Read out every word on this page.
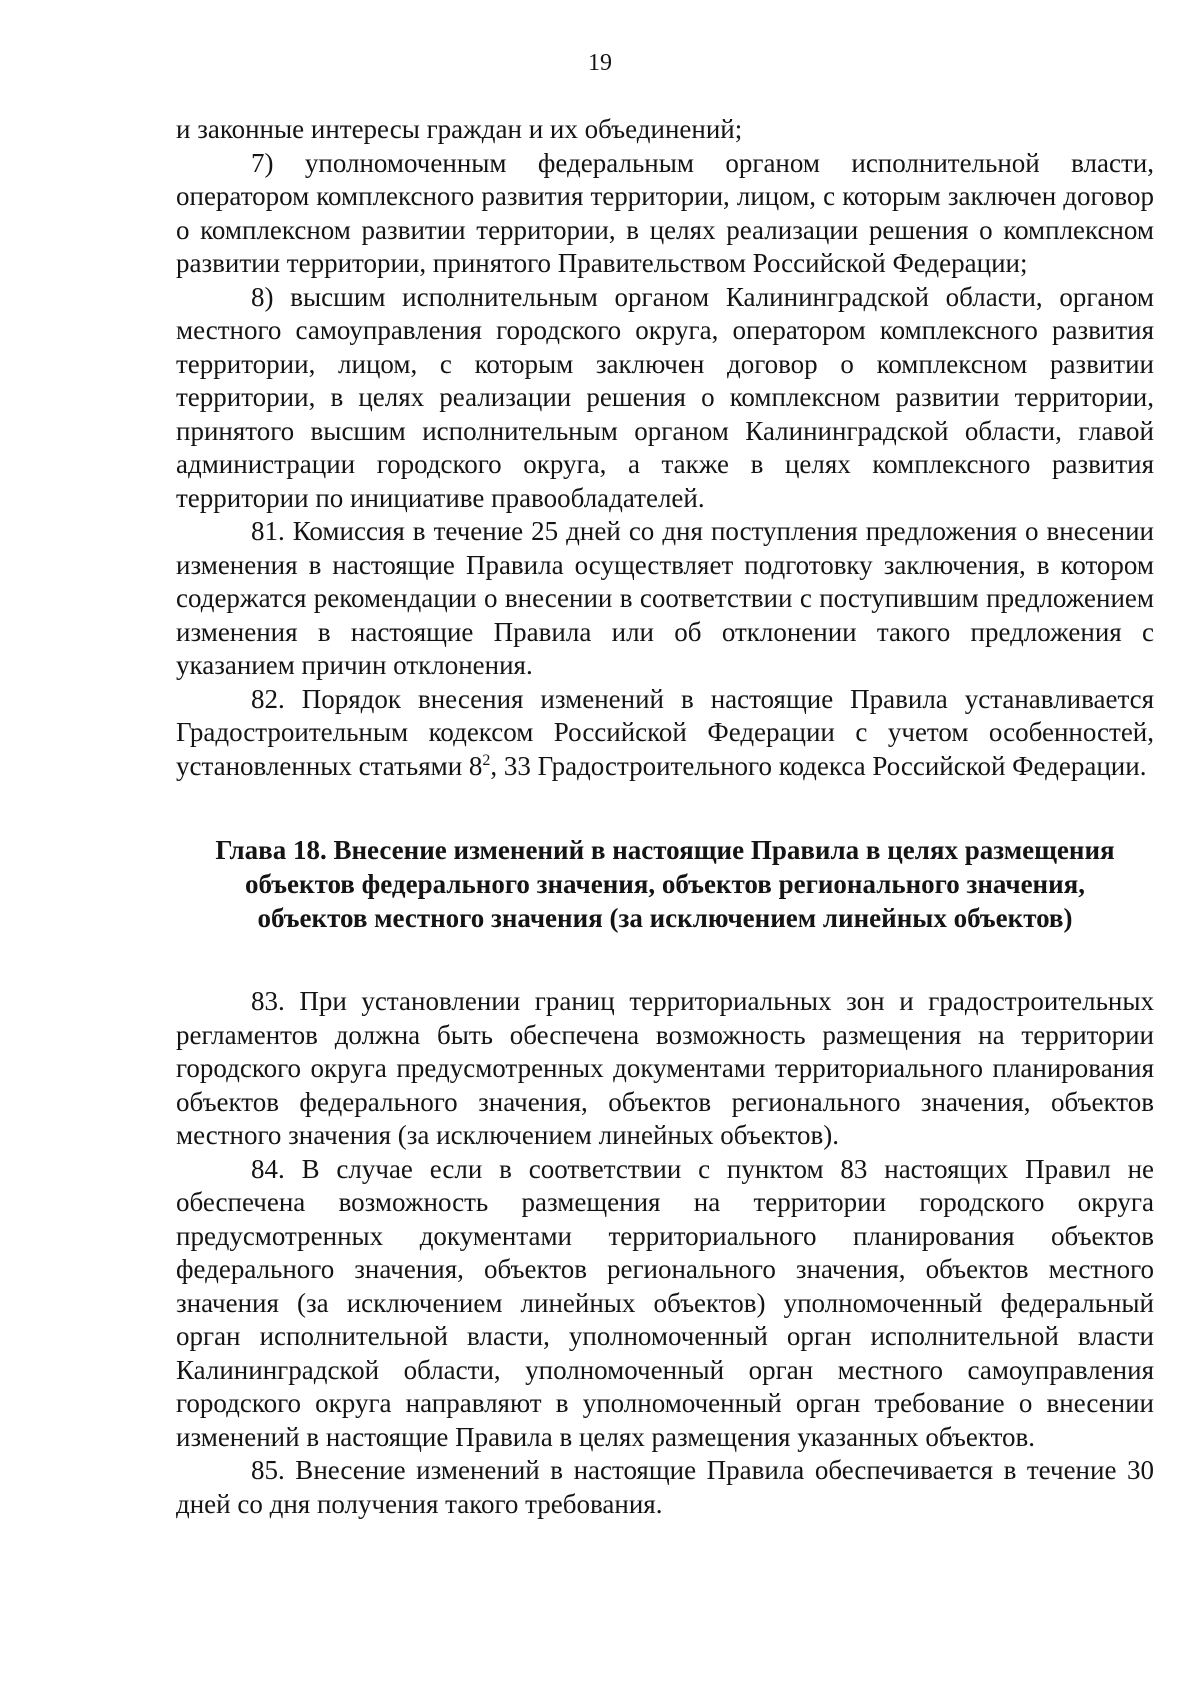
19

и законные интересы граждан и их объединений;

7) уполномоченным федеральным органом исполнительной власти, оператором комплексного развития территории, лицом, с которым заключен договор о комплексном развитии территории, в целях реализации решения о комплексном развитии территории, принятого Правительством Российской Федерации;

8) высшим исполнительным органом Калининградской области, органом местного самоуправления городского округа, оператором комплексного развития территории, лицом, с которым заключен договор о комплексном развитии территории, в целях реализации решения о комплексном развитии территории, принятого высшим исполнительным органом Калининградской области, главой администрации городского округа, а также в целях комплексного развития территории по инициативе правообладателей.

81. Комиссия в течение 25 дней со дня поступления предложения о внесении изменения в настоящие Правила осуществляет подготовку заключения, в котором содержатся рекомендации о внесении в соответствии с поступившим предложением изменения в настоящие Правила или об отклонении такого предложения с указанием причин отклонения.

82. Порядок внесения изменений в настоящие Правила устанавливается Градостроительным кодексом Российской Федерации с учетом особенностей, установленных статьями $8^2$, 33 Градостроительного кодекса Российской Федерации.

Глава 18. Внесение изменений в настоящие Правила в целях размещения
объектов федерального значения, объектов регионального значения,
объектов местного значения (за исключением линейных объектов)

83. При установлении границ территориальных зон и градостроительных регламентов должна быть обеспечена возможность размещения на территории городского округа предусмотренных документами территориального планирования объектов федерального значения, объектов регионального значения, объектов местного значения (за исключением линейных объектов).

84. В случае если в соответствии с пунктом 83 настоящих Правил не обеспечена возможность размещения на территории городского округа предусмотренных документами территориального планирования объектов федерального значения, объектов регионального значения, объектов местного значения (за исключением линейных объектов) уполномоченный федеральный орган исполнительной власти, уполномоченный орган исполнительной власти Калининградской области, уполномоченный орган местного самоуправления городского округа направляют в уполномоченный орган требование о внесении изменений в настоящие Правила в целях размещения указанных объектов.

85. Внесение изменений в настоящие Правила обеспечивается в течение 30 дней со дня получения такого требования.
